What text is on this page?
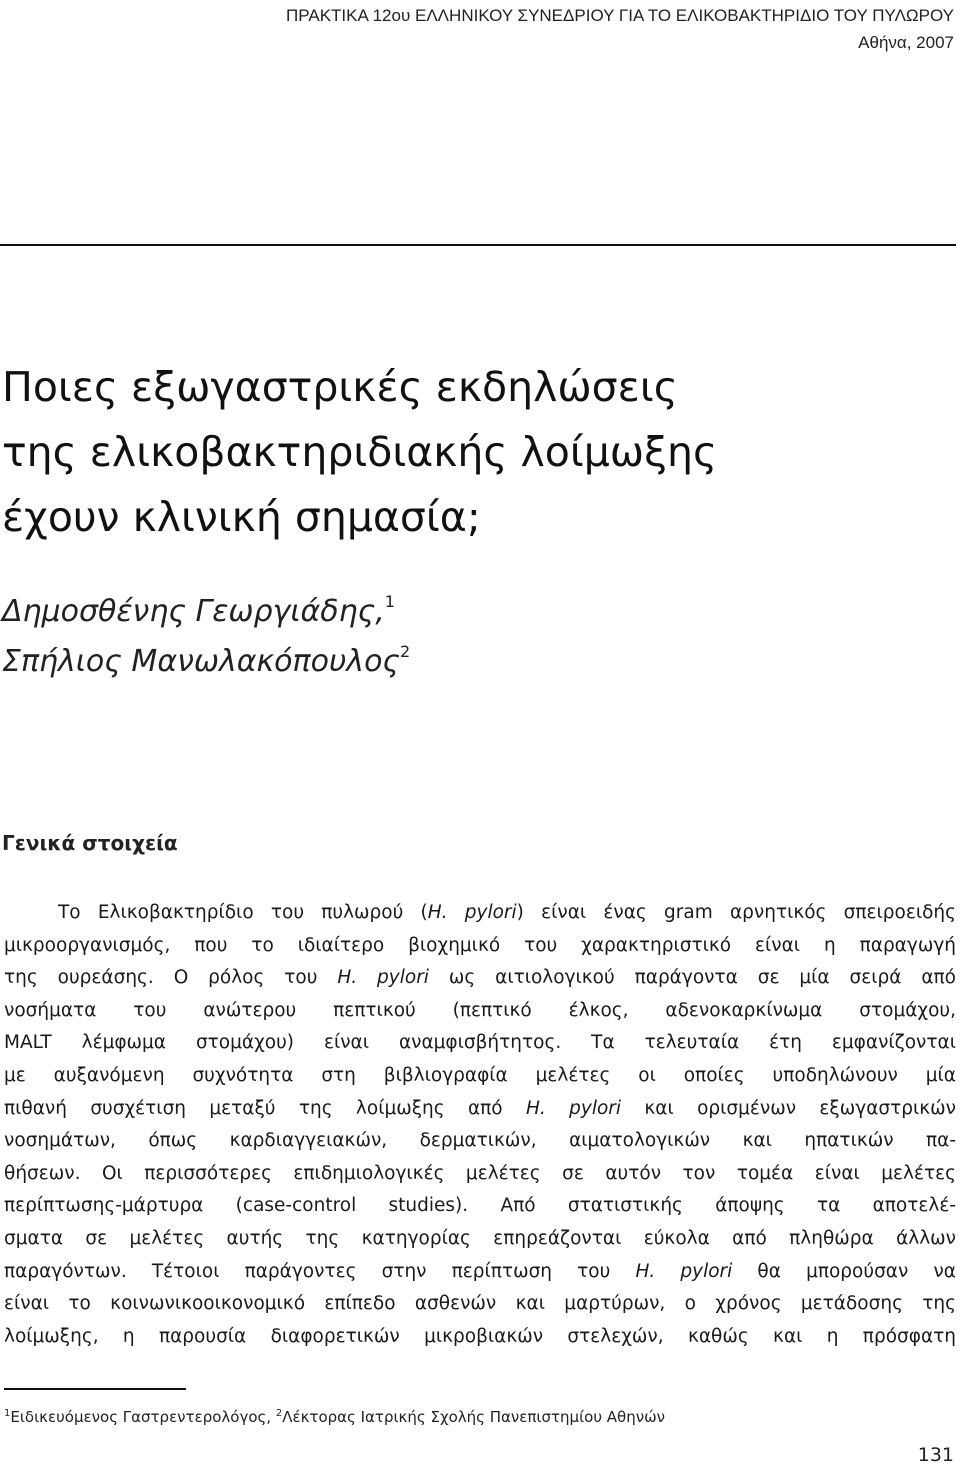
ΠΡΑΚΤΙΚΑ 12ου ΕΛΛΗΝΙΚΟΥ ΣΥΝΕΔΡΙΟΥ ΓΙΑ ΤΟ ΕΛΙΚΟΒΑΚΤΗΡΙΔΙΟ ΤΟΥ ΠΥΛΩΡΟΥ
Αθήνα, 2007
Ποιες εξωγαστρικές εκδηλώσεις
της ελικοβακτηριδιακής λοίμωξης
έχουν κλινική σημασία;
Δημοσθένης Γεωργιάδης,$^1$
Σπήλιος Μανωλακόπουλος$^2$
Γενικά στοιχεία
Το Ελικοβακτηρίδιο του πυλωρού (H. pylori) είναι ένας gram αρνητικός σπειροειδής
μικροοργανισμός, που το ιδιαίτερο βιοχημικό του χαρακτηριστικό είναι η παραγωγή
της ουρεάσης. Ο ρόλος του H. pylori ως αιτιολογικού παράγοντα σε μία σειρά από
νοσήματα του ανώτερου πεπτικού (πεπτικό έλκος, αδενοκαρκίνωμα στομάχου,
MALT λέμφωμα στομάχου) είναι αναμφισβήτητος. Τα τελευταία έτη εμφανίζονται
με αυξανόμενη συχνότητα στη βιβλιογραφία μελέτες οι οποίες υποδηλώνουν μία
πιθανή συσχέτιση μεταξύ της λοίμωξης από H. pylori και ορισμένων εξωγαστρικών
νοσημάτων, όπως καρδιαγγειακών, δερματικών, αιματολογικών και ηπατικών πα-
θήσεων. Οι περισσότερες επιδημιολογικές μελέτες σε αυτόν τον τομέα είναι μελέτες
περίπτωσης-μάρτυρα (case-control studies). Από στατιστικής άποψης τα αποτελέ-
σματα σε μελέτες αυτής της κατηγορίας επηρεάζονται εύκολα από πληθώρα άλλων
παραγόντων. Τέτοιοι παράγοντες στην περίπτωση του H. pylori θα μπορούσαν να
είναι το κοινωνικοοικονομικό επίπεδο ασθενών και μαρτύρων, ο χρόνος μετάδοσης της
λοίμωξης, η παρουσία διαφορετικών μικροβιακών στελεχών, καθώς και η πρόσφατη
$^1$Ειδικευόμενος Γαστρεντερολόγος, $^2$Λέκτορας Ιατρικής Σχολής Πανεπιστημίου Αθηνών
131
